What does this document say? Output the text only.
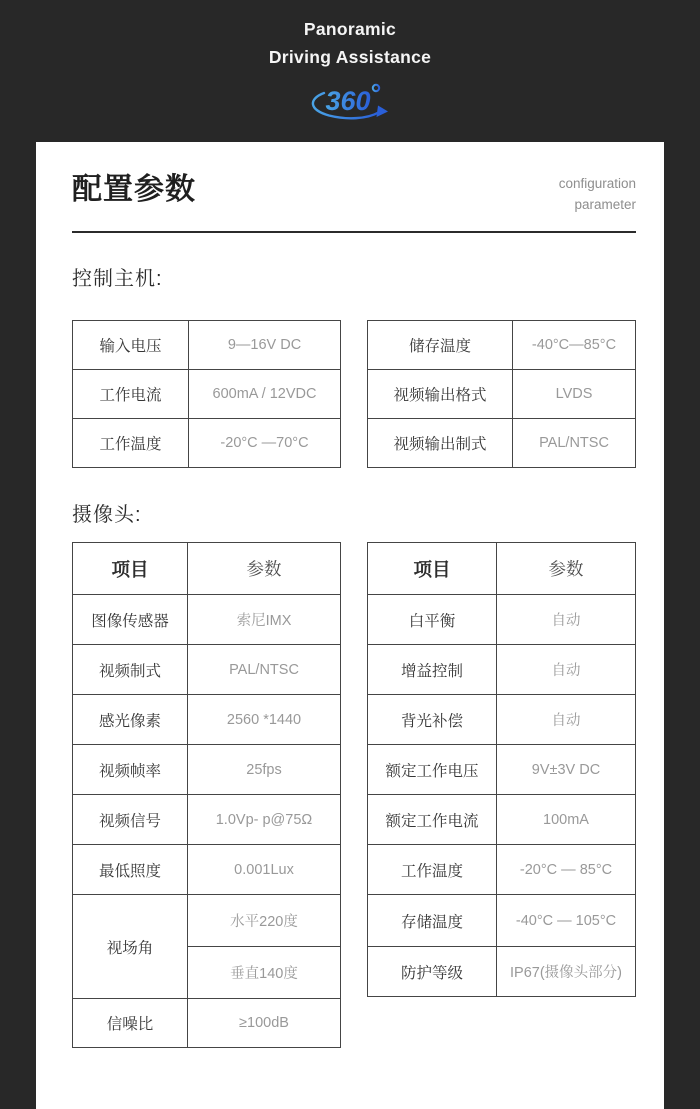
Panoramic
Driving Assistance
360
配置参数	configuration
parameter
控制主机:
输入电压	9—16V DC
工作电流	600mA / 12VDC
工作温度	-20°C —70°C
储存温度	-40°C—85°C
视频输出格式	LVDS
视频输出制式	PAL/NTSC
摄像头:
项目	参数
图像传感器	索尼IMX
视频制式	PAL/NTSC
感光像素	2560 *1440
视频帧率	25fps
视频信号	1.0Vp- p@75Ω
最低照度	0.001Lux
视场角	水平220度
	垂直140度
信噪比	≥100dB
项目	参数
白平衡	自动
增益控制	自动
背光补偿	自动
额定工作电压	9V±3V DC
额定工作电流	100mA
工作温度	-20°C — 85°C
存储温度	-40°C — 105°C
防护等级	IP67(摄像头部分)
